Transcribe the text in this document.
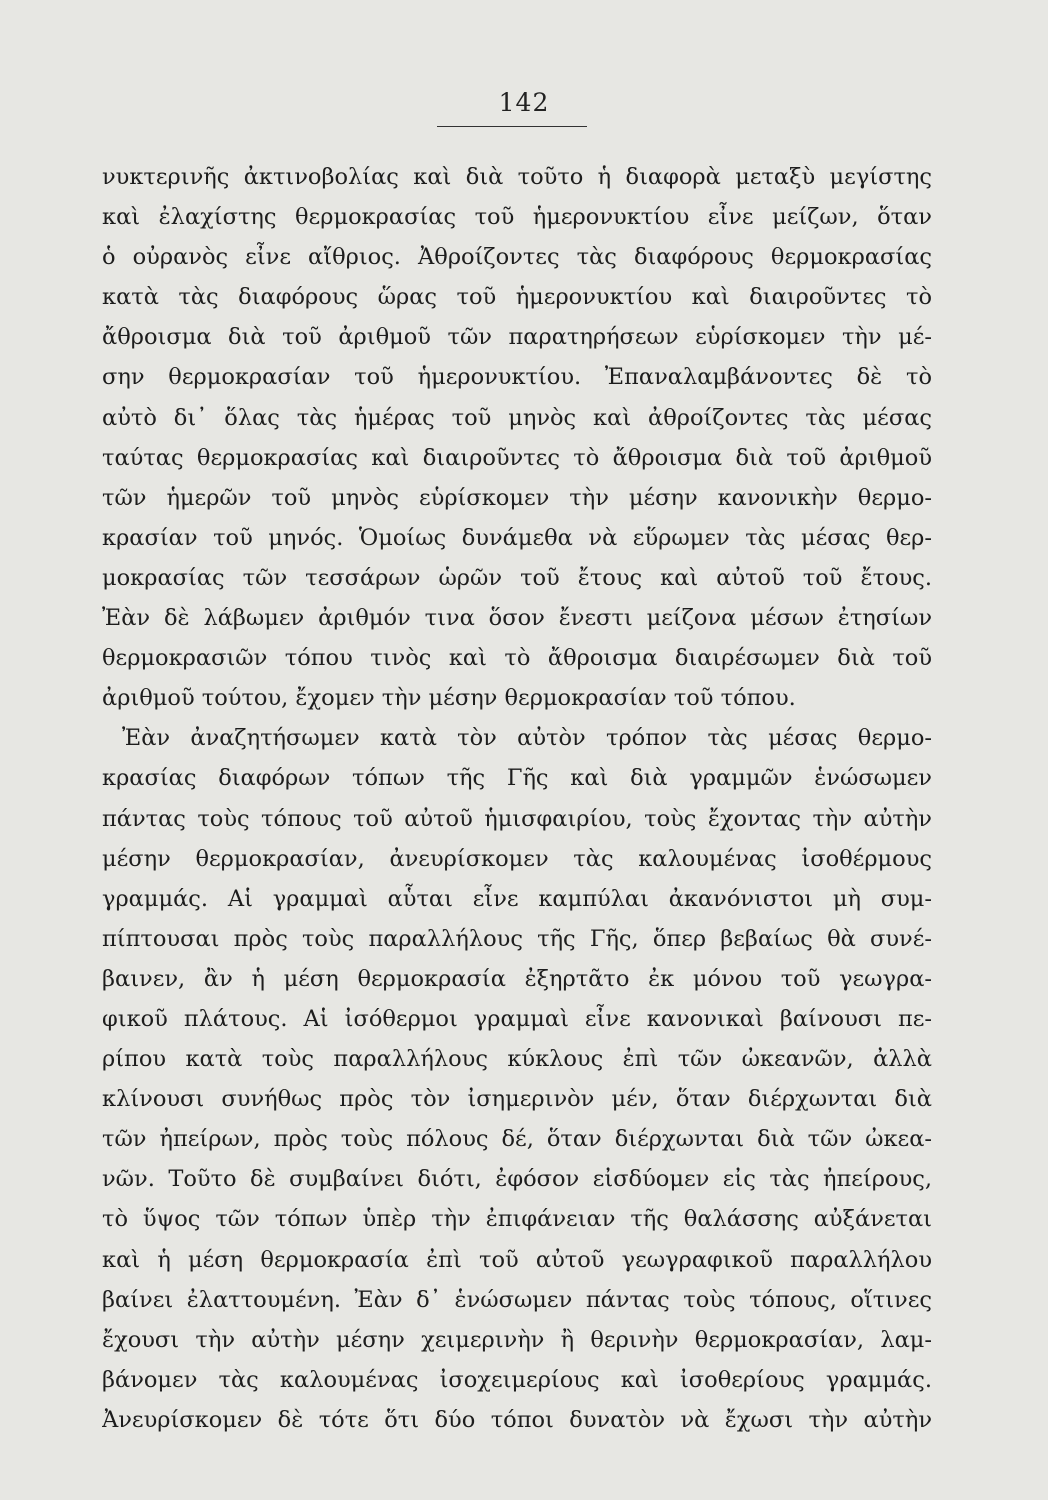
142
νυκτερινῆς ἀκτινοβολίας καὶ διὰ τοῦτο ἡ διαφορὰ μεταξὺ μεγίστης
καὶ ἐλαχίστης θερμοκρασίας τοῦ ἡμερονυκτίου εἶνε μείζων, ὅταν
ὁ οὐρανὸς εἶνε αἴθριος. Ἀθροίζοντες τὰς διαφόρους θερμοκρασίας
κατὰ τὰς διαφόρους ὥρας τοῦ ἡμερονυκτίου καὶ διαιροῦντες τὸ
ἄθροισμα διὰ τοῦ ἀριθμοῦ τῶν παρατηρήσεων εὑρίσκομεν τὴν μέ-
σην θερμοκρασίαν τοῦ ἡμερονυκτίου. Ἐπαναλαμβάνοντες δὲ τὸ
αὐτὸ δι᾽ ὅλας τὰς ἡμέρας τοῦ μηνὸς καὶ ἀθροίζοντες τὰς μέσας
ταύτας θερμοκρασίας καὶ διαιροῦντες τὸ ἄθροισμα διὰ τοῦ ἀριθμοῦ
τῶν ἡμερῶν τοῦ μηνὸς εὑρίσκομεν τὴν μέσην κανονικὴν θερμο-
κρασίαν τοῦ μηνός. Ὁμοίως δυνάμεθα νὰ εὕρωμεν τὰς μέσας θερ-
μοκρασίας τῶν τεσσάρων ὡρῶν τοῦ ἔτους καὶ αὐτοῦ τοῦ ἔτους.
Ἐὰν δὲ λάβωμεν ἀριθμόν τινα ὅσον ἔνεστι μείζονα μέσων ἐτησίων
θερμοκρασιῶν τόπου τινὸς καὶ τὸ ἄθροισμα διαιρέσωμεν διὰ τοῦ
ἀριθμοῦ τούτου, ἔχομεν τὴν μέσην θερμοκρασίαν τοῦ τόπου.
Ἐὰν ἀναζητήσωμεν κατὰ τὸν αὐτὸν τρόπον τὰς μέσας θερμο-
κρασίας διαφόρων τόπων τῆς Γῆς καὶ διὰ γραμμῶν ἑνώσωμεν
πάντας τοὺς τόπους τοῦ αὐτοῦ ἡμισφαιρίου, τοὺς ἔχοντας τὴν αὐτὴν
μέσην θερμοκρασίαν, ἀνευρίσκομεν τὰς καλουμένας ἰσοθέρμους
γραμμάς. Αἱ γραμμαὶ αὗται εἶνε καμπύλαι ἀκανόνιστοι μὴ συμ-
πίπτουσαι πρὸς τοὺς παραλλήλους τῆς Γῆς, ὅπερ βεβαίως θὰ συνέ-
βαινεν, ἂν ἡ μέση θερμοκρασία ἐξηρτᾶτο ἐκ μόνου τοῦ γεωγρα-
φικοῦ πλάτους. Αἱ ἰσόθερμοι γραμμαὶ εἶνε κανονικαὶ βαίνουσι πε-
ρίπου κατὰ τοὺς παραλλήλους κύκλους ἐπὶ τῶν ὠκεανῶν, ἀλλὰ
κλίνουσι συνήθως πρὸς τὸν ἰσημερινὸν μέν, ὅταν διέρχωνται διὰ
τῶν ἠπείρων, πρὸς τοὺς πόλους δέ, ὅταν διέρχωνται διὰ τῶν ὠκεα-
νῶν. Τοῦτο δὲ συμβαίνει διότι, ἐφόσον εἰσδύομεν εἰς τὰς ἠπείρους,
τὸ ὕψος τῶν τόπων ὑπὲρ τὴν ἐπιφάνειαν τῆς θαλάσσης αὐξάνεται
καὶ ἡ μέση θερμοκρασία ἐπὶ τοῦ αὐτοῦ γεωγραφικοῦ παραλλήλου
βαίνει ἐλαττουμένη. Ἐὰν δ᾽ ἑνώσωμεν πάντας τοὺς τόπους, οἵτινες
ἔχουσι τὴν αὐτὴν μέσην χειμερινὴν ἢ θερινὴν θερμοκρασίαν, λαμ-
βάνομεν τὰς καλουμένας ἰσοχειμερίους καὶ ἰσοθερίους γραμμάς.
Ἀνευρίσκομεν δὲ τότε ὅτι δύο τόποι δυνατὸν νὰ ἔχωσι τὴν αὐτὴν
